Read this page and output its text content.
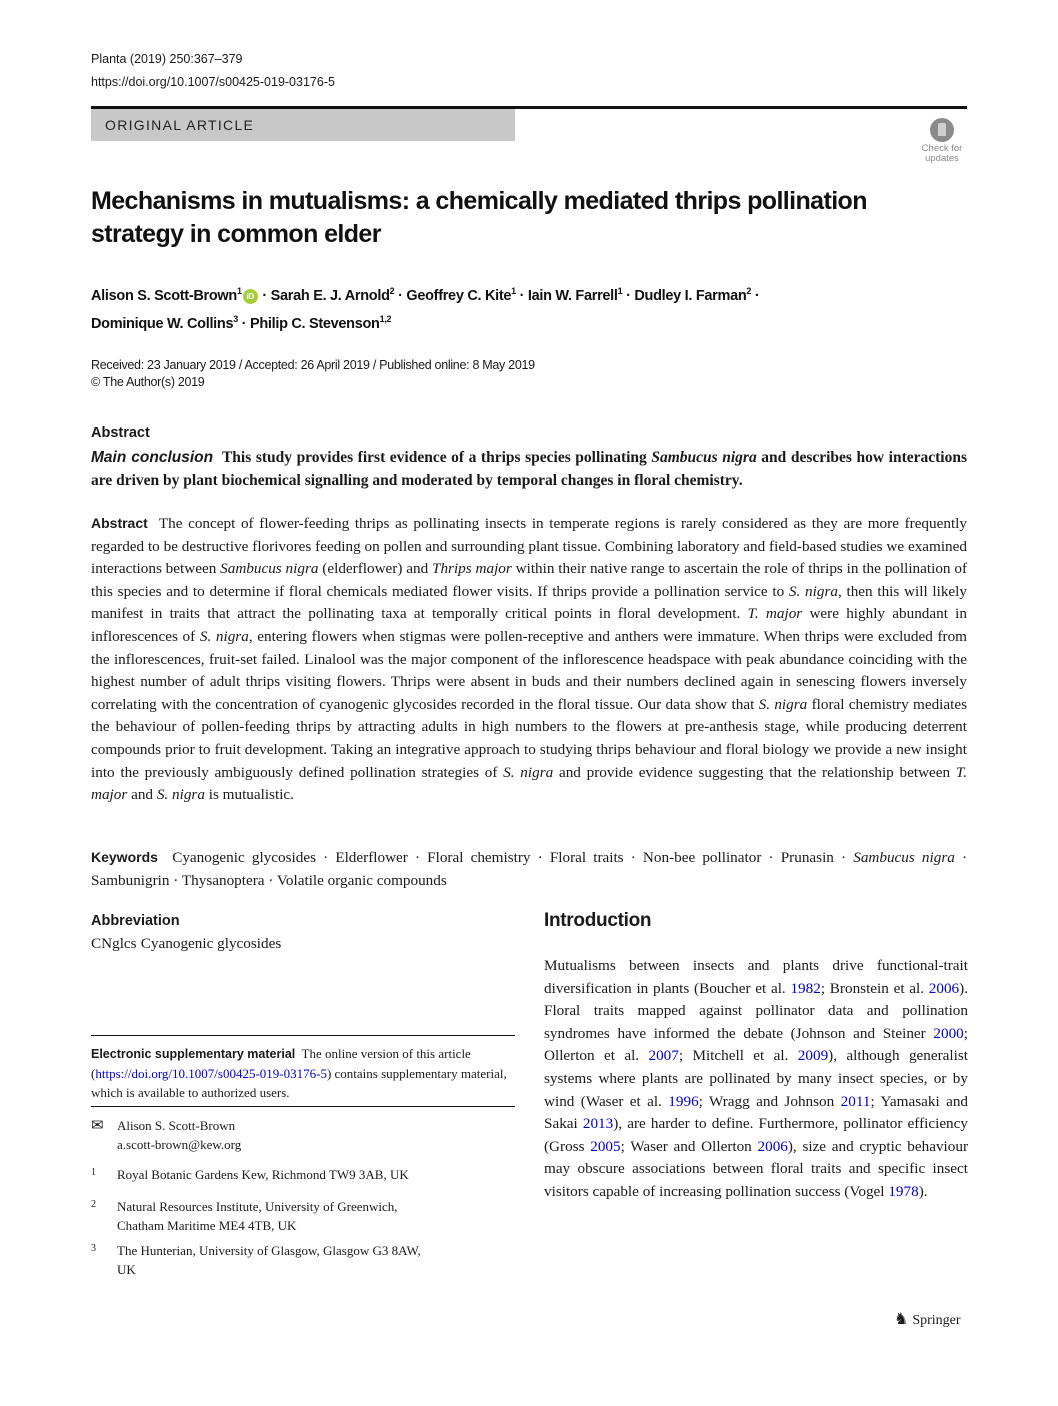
Planta (2019) 250:367–379
https://doi.org/10.1007/s00425-019-03176-5
ORIGINAL ARTICLE
Check for
updates
Mechanisms in mutualisms: a chemically mediated thrips pollination strategy in common elder
Alison S. Scott-Brown$^1$iD · Sarah E. J. Arnold$^2$ · Geoffrey C. Kite$^1$ · Iain W. Farrell$^1$ · Dudley I. Farman$^2$ ·
Dominique W. Collins$^3$ · Philip C. Stevenson$^{1,2}$
Received: 23 January 2019 / Accepted: 26 April 2019 / Published online: 8 May 2019
© The Author(s) 2019
Abstract
Main conclusion This study provides first evidence of a thrips species pollinating Sambucus nigra and describes how interactions are driven by plant biochemical signalling and moderated by temporal changes in floral chemistry.
Abstract The concept of flower-feeding thrips as pollinating insects in temperate regions is rarely considered as they are more frequently regarded to be destructive florivores feeding on pollen and surrounding plant tissue. Combining laboratory and field-based studies we examined interactions between Sambucus nigra (elderflower) and Thrips major within their native range to ascertain the role of thrips in the pollination of this species and to determine if floral chemicals mediated flower visits. If thrips provide a pollination service to S. nigra, then this will likely manifest in traits that attract the pollinating taxa at temporally critical points in floral development. T. major were highly abundant in inflorescences of S. nigra, entering flowers when stigmas were pollen-receptive and anthers were immature. When thrips were excluded from the inflorescences, fruit-set failed. Linalool was the major component of the inflorescence headspace with peak abundance coinciding with the highest number of adult thrips visiting flowers. Thrips were absent in buds and their numbers declined again in senescing flowers inversely correlating with the concentration of cyanogenic glycosides recorded in the floral tissue. Our data show that S. nigra floral chemistry mediates the behaviour of pollen-feeding thrips by attracting adults in high numbers to the flowers at pre-anthesis stage, while producing deterrent compounds prior to fruit development. Taking an integrative approach to studying thrips behaviour and floral biology we provide a new insight into the previously ambiguously defined pollination strategies of S. nigra and provide evidence suggesting that the relationship between T. major and S. nigra is mutualistic.
Keywords Cyanogenic glycosides · Elderflower · Floral chemistry · Floral traits · Non-bee pollinator · Prunasin · Sambucus nigra · Sambunigrin · Thysanoptera · Volatile organic compounds
Abbreviation
CNglcs Cyanogenic glycosides
Electronic supplementary material The online version of this article (https://doi.org/10.1007/s00425-019-03176-5) contains supplementary material, which is available to authorized users.
✉ Alison S. Scott-Brown
a.scott-brown@kew.org
1 Royal Botanic Gardens Kew, Richmond TW9 3AB, UK
2 Natural Resources Institute, University of Greenwich,
Chatham Maritime ME4 4TB, UK
3 The Hunterian, University of Glasgow, Glasgow G3 8AW,
UK
Introduction
Mutualisms between insects and plants drive functional-trait diversification in plants (Boucher et al. 1982; Bronstein et al. 2006). Floral traits mapped against pollinator data and pollination syndromes have informed the debate (Johnson and Steiner 2000; Ollerton et al. 2007; Mitchell et al. 2009), although generalist systems where plants are pollinated by many insect species, or by wind (Waser et al. 1996; Wragg and Johnson 2011; Yamasaki and Sakai 2013), are harder to define. Furthermore, pollinator efficiency (Gross 2005; Waser and Ollerton 2006), size and cryptic behaviour may obscure associations between floral traits and specific insect visitors capable of increasing pollination success (Vogel 1978).
♞ Springer
